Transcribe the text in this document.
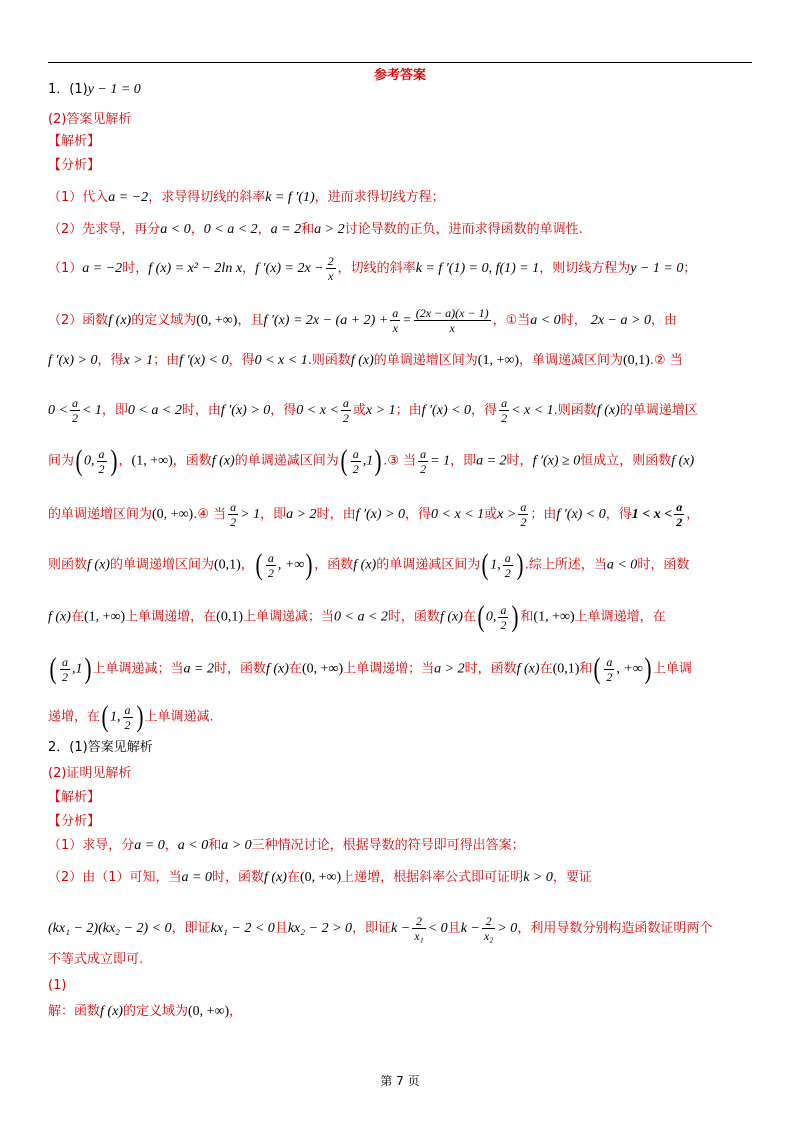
参考答案
1．(1)y − 1 = 0
(2)答案见解析
【解析】
【分析】
（1）代入a = −2，求导得切线的斜率k = f ′(1)，进而求得切线方程；
（2）先求导，再分a < 0，0 < a < 2，a = 2和a > 2讨论导数的正负，进而求得函数的单调性.
（1）a = −2时，f (x) = x² − 2ln x，f $'(x) = 2x - \frac{2}{x}$ ，切线的斜率k = f ′(1) = 0, f(1) = 1，则切线方程为y − 1 = 0；
（2）函数f (x)的定义域为(0, +∞)，且f $'(x) = 2x - (a + 2) + \frac{a}{x} = \frac{(2x - a)(x - 1)}{x}$ ，①当a < 0时， 2x − a > 0，由
f ′(x) > 0，得x > 1；由f ′(x) < 0，得0 < x < 1.则函数f (x)的单调递增区间为(1, +∞)，单调递减区间为(0,1).② 当
$0 < \frac{a}{2} < 1$，即0 < a < 2时，由f ′(x) > 0，得$0 < x < \frac{a}{2}$ 或x > 1；由f ′(x) < 0，得 $\frac{a}{2} < x < 1$.则函数f (x)的单调递增区
间为( 0, $\frac{a}{2}$ ) ，(1, +∞)，函数f (x)的单调递减区间为( $\frac{a}{2} ,1$) .③ 当 $\frac{a}{2} = 1$，即a = 2时，f ′(x) ≥ 0恒成立，则函数f (x)
的单调递增区间为(0, +∞).④ 当 $\frac{a}{2} > 1$，即a > 2时，由f ′(x) > 0，得0 < x < 1或$x > \frac{a}{2}$ ；由f ′(x) < 0，得$1 < x < \frac{a}{2}$ ，
则函数f (x)的单调递增区间为(0,1)，( $\frac{a}{2}$ , +∞) ，函数f (x)的单调递减区间为( 1, $\frac{a}{2}$ ) .综上所述，当a < 0时，函数
f (x)在(1, +∞)上单调递增，在(0,1)上单调递减；当0 < a < 2时，函数f (x)在( 0, $\frac{a}{2}$ ) 和(1, +∞)上单调递增，在
( $\frac{a}{2} ,1$) 上单调递减；当a = 2时，函数f (x)在(0, +∞)上单调递增；当a > 2时，函数f (x)在(0,1)和( $\frac{a}{2}$ , +∞) 上单调
递增，在( 1, $\frac{a}{2}$ ) 上单调递减.
2．(1)答案见解析
(2)证明见解析
【解析】
【分析】
（1）求导，分a = 0，a < 0和a > 0三种情况讨论，根据导数的符号即可得出答案；
（2）由（1）可知，当a = 0时，函数f (x)在(0, +∞)上递增，根据斜率公式即可证明k > 0，要证
(kx₁ − 2)(kx₂ − 2) < 0，即证kx₁ − 2 < 0且kx₂ − 2 > 0，即证$k - \frac{2}{\text{x₁}} < 0$且$k - \frac{2}{\text{x₂}} > 0$，利用导数分别构造函数证明两个
不等式成立即可.
(1)
解：函数f (x)的定义域为(0, +∞)，
第 7 页
